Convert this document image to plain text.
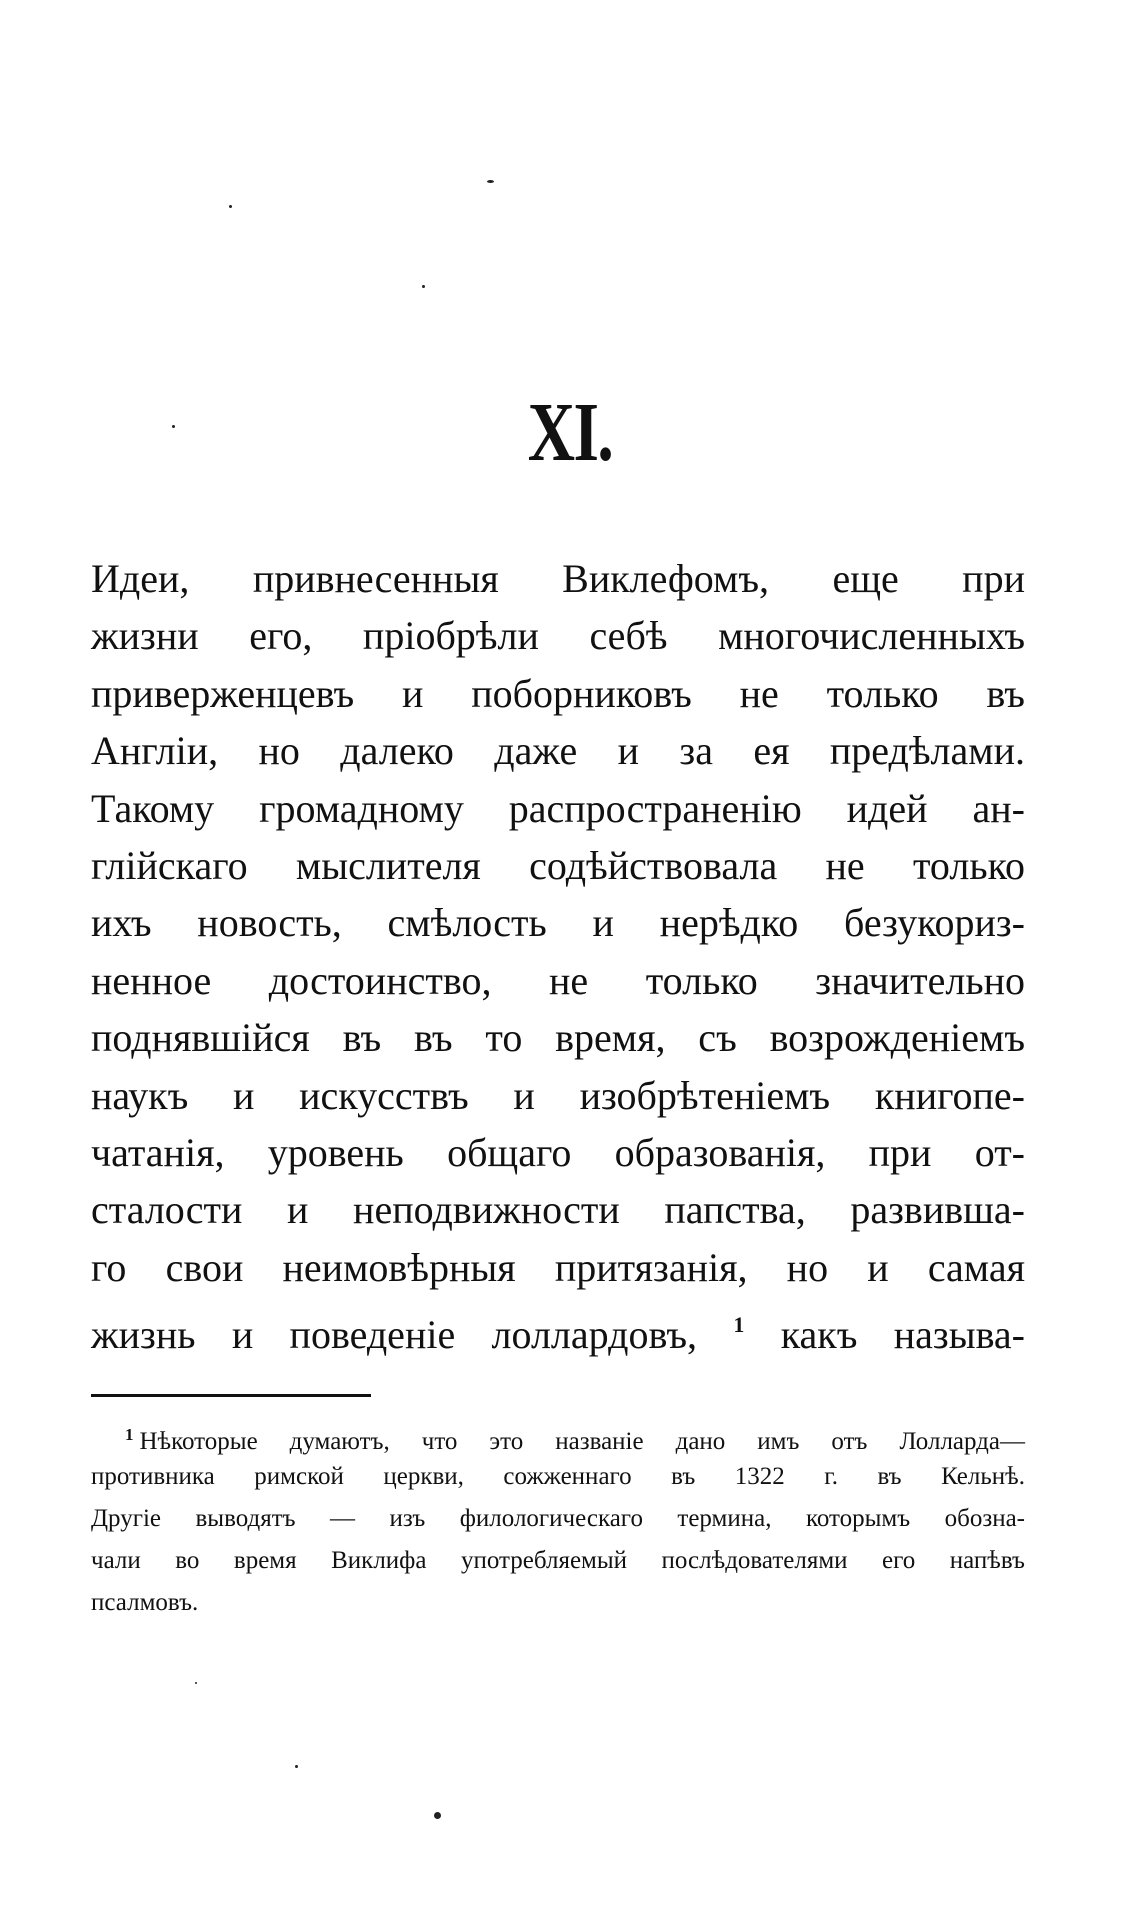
XI.
Идеи, привнесенныя Виклефомъ, еще при
жизни его, пріобрѣли себѣ многочисленныхъ
приверженцевъ и поборниковъ не только въ
Англіи, но далеко даже и за ея предѣлами.
Такому громадному распространенію идей ан-
глійскаго мыслителя содѣйствовала не только
ихъ новость, смѣлость и нерѣдко безукориз-
ненное достоинство, не только значительно
поднявшійся въ въ то время, съ возрожденіемъ
наукъ и искусствъ и изобрѣтеніемъ книгопе-
чатанія, уровень общаго образованія, при от-
сталости и неподвижности папства, развивша-
го свои неимовѣрныя притязанія, но и самая
жизнь и поведеніе лоллардовъ, $^1$ какъ называ-
$^1$ Нѣкоторые думаютъ, что это названіе дано имъ отъ Лолларда—
противника римской церкви, сожженнаго въ 1322 г. въ Кельнѣ.
Другіе выводятъ — изъ филологическаго термина, которымъ обозна-
чали во время Виклифа употребляемый послѣдователями его напѣвъ
псалмовъ.
